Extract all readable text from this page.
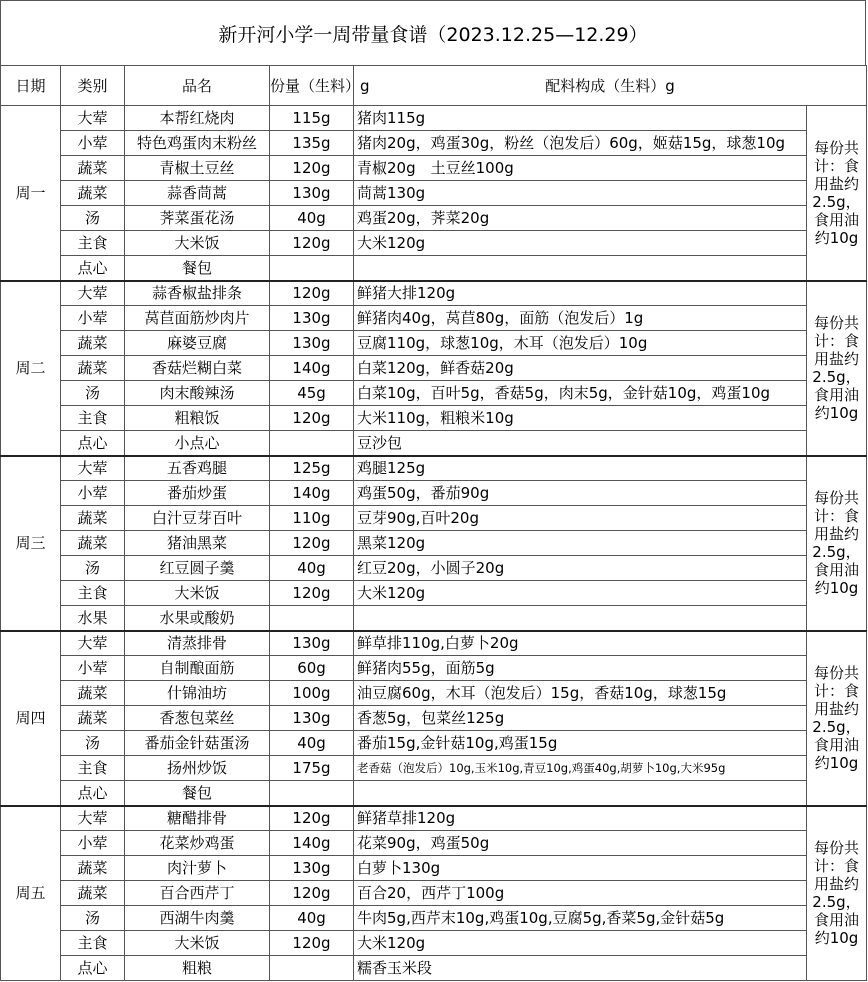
新开河小学一周带量食谱（2023.12.25—12.29）
日期	类别	品名	份量（生料）g	配料构成（生料）g	
周一	大荤	本帮红烧肉	115g	猪肉115g	每份共计：食用盐约2.5g，食用油约10g
	小荤	特色鸡蛋肉末粉丝	135g	猪肉20g，鸡蛋30g，粉丝（泡发后）60g，姬菇15g，球葱10g	
	蔬菜	青椒土豆丝	120g	青椒20g　土豆丝100g	
	蔬菜	蒜香茼蒿	130g	茼蒿130g	
	汤	荠菜蛋花汤	40g	鸡蛋20g，荠菜20g	
	主食	大米饭	120g	大米120g	
	点心	餐包			
周二	大荤	蒜香椒盐排条	120g	鲜猪大排120g	每份共计：食用盐约2.5g，食用油约10g
	小荤	莴苣面筋炒肉片	130g	鲜猪肉40g，莴苣80g，面筋（泡发后）1g	
	蔬菜	麻婆豆腐	130g	豆腐110g，球葱10g，木耳（泡发后）10g	
	蔬菜	香菇烂糊白菜	140g	白菜120g，鲜香菇20g	
	汤	肉末酸辣汤	45g	白菜10g，百叶5g，香菇5g，肉末5g，金针菇10g，鸡蛋10g	
	主食	粗粮饭	120g	大米110g，粗粮米10g	
	点心	小点心		豆沙包	
周三	大荤	五香鸡腿	125g	鸡腿125g	每份共计：食用盐约2.5g，食用油约10g
	小荤	番茄炒蛋	140g	鸡蛋50g，番茄90g	
	蔬菜	白汁豆芽百叶	110g	豆芽90g,百叶20g	
	蔬菜	猪油黑菜	120g	黑菜120g	
	汤	红豆圆子羹	40g	红豆20g，小圆子20g	
	主食	大米饭	120g	大米120g	
	水果	水果或酸奶			
周四	大荤	清蒸排骨	130g	鲜草排110g,白萝卜20g	每份共计：食用盐约2.5g，食用油约10g
	小荤	自制酿面筋	60g	鲜猪肉55g，面筋5g	
	蔬菜	什锦油坊	100g	油豆腐60g，木耳（泡发后）15g，香菇10g，球葱15g	
	蔬菜	香葱包菜丝	130g	香葱5g，包菜丝125g	
	汤	番茄金针菇蛋汤	40g	番茄15g,金针菇10g,鸡蛋15g	
	主食	扬州炒饭	175g	老香菇（泡发后）10g,玉米10g,青豆10g,鸡蛋40g,胡萝卜10g,大米95g	
	点心	餐包			
周五	大荤	糖醋排骨	120g	鲜猪草排120g	每份共计：食用盐约2.5g，食用油约10g
	小荤	花菜炒鸡蛋	140g	花菜90g，鸡蛋50g	
	蔬菜	肉汁萝卜	130g	白萝卜130g	
	蔬菜	百合西芹丁	120g	百合20，西芹丁100g	
	汤	西湖牛肉羹	40g	牛肉5g,西芹末10g,鸡蛋10g,豆腐5g,香菜5g,金针菇5g	
	主食	大米饭	120g	大米120g	
	点心	粗粮		糯香玉米段	
